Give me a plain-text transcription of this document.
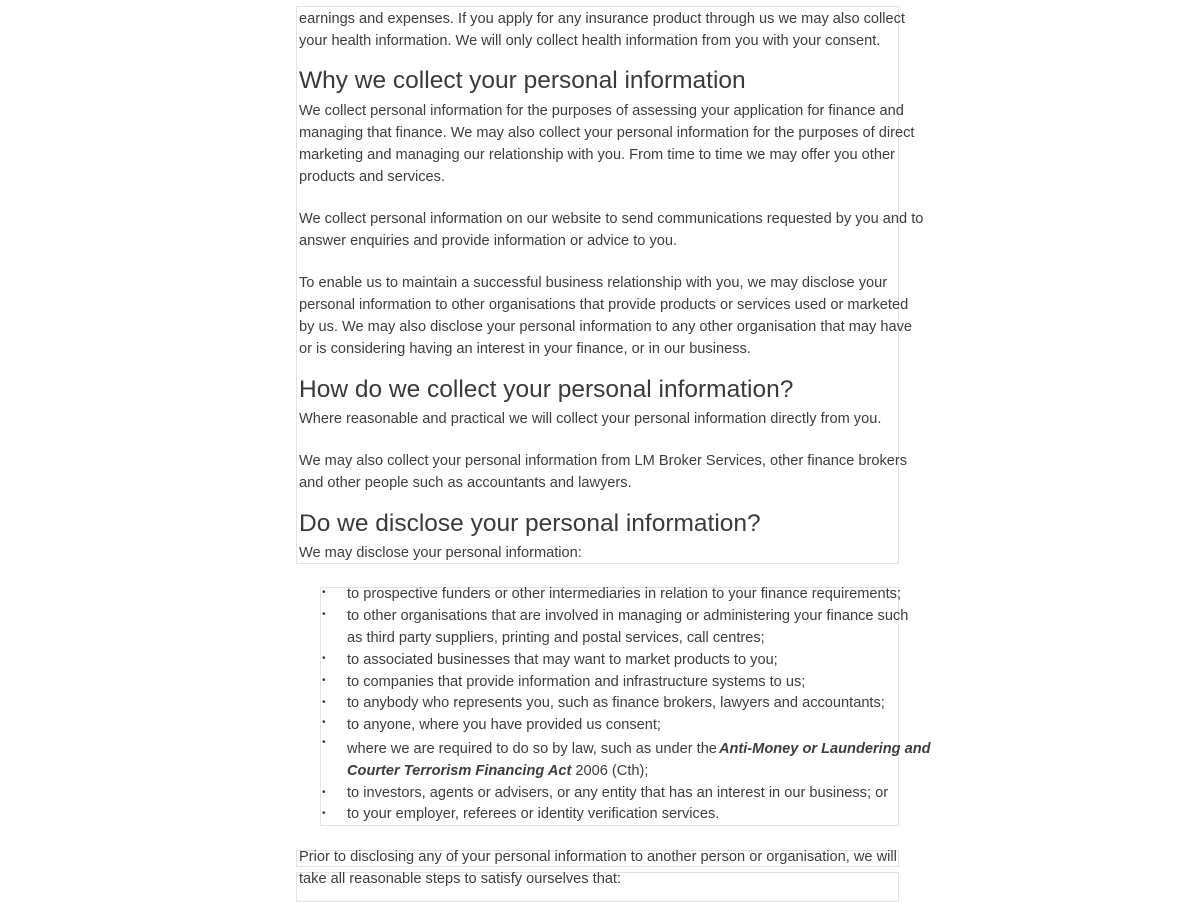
earnings and expenses. If you apply for any insurance product through us we may also collect
your health information. We will only collect health information from you with your consent.
Why we collect your personal information
We collect personal information for the purposes of assessing your application for finance and
managing that finance. We may also collect your personal information for the purposes of direct
marketing and managing our relationship with you. From time to time we may offer you other
products and services.
We collect personal information on our website to send communications requested by you and to
answer enquiries and provide information or advice to you.
To enable us to maintain a successful business relationship with you, we may disclose your
personal information to other organisations that provide products or services used or marketed
by us. We may also disclose your personal information to any other organisation that may have
or is considering having an interest in your finance, or in our business.
How do we collect your personal information?
Where reasonable and practical we will collect your personal information directly from you.
We may also collect your personal information from LM Broker Services, other finance brokers
and other people such as accountants and lawyers.
Do we disclose your personal information?
We may disclose your personal information:
• to prospective funders or other intermediaries in relation to your finance requirements;
• to other organisations that are involved in managing or administering your finance such
as third party suppliers, printing and postal services, call centres;
• to associated businesses that may want to market products to you;
• to companies that provide information and infrastructure systems to us;
• to anybody who represents you, such as finance brokers, lawyers and accountants;
• to anyone, where you have provided us consent;
• where we are required to do so by law, such as under the Anti-Money or Laundering and
Courter Terrorism Financing Act 2006 (Cth);
• to investors, agents or advisers, or any entity that has an interest in our business; or
• to your employer, referees or identity verification services.
Prior to disclosing any of your personal information to another person or organisation, we will
take all reasonable steps to satisfy ourselves that:
